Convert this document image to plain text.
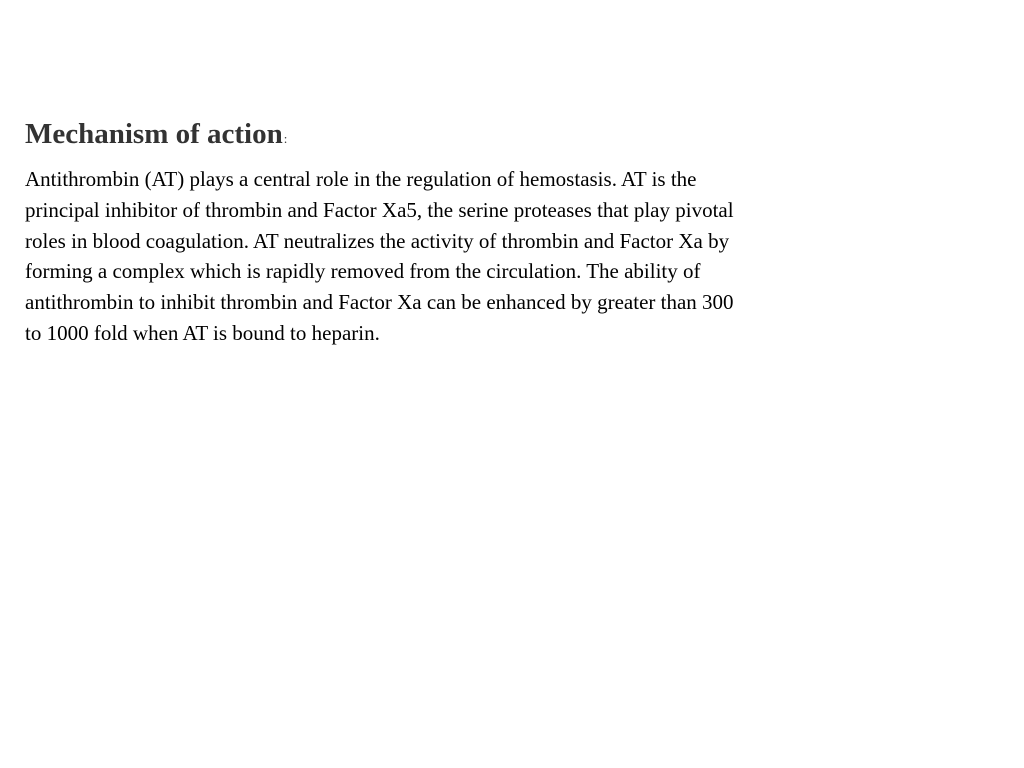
Mechanism of action:

Antithrombin (AT) plays a central role in the regulation of hemostasis. AT is the
principal inhibitor of thrombin and Factor Xa5, the serine proteases that play pivotal
roles in blood coagulation. AT neutralizes the activity of thrombin and Factor Xa by
forming a complex which is rapidly removed from the circulation. The ability of
antithrombin to inhibit thrombin and Factor Xa can be enhanced by greater than 300
to 1000 fold when AT is bound to heparin.
